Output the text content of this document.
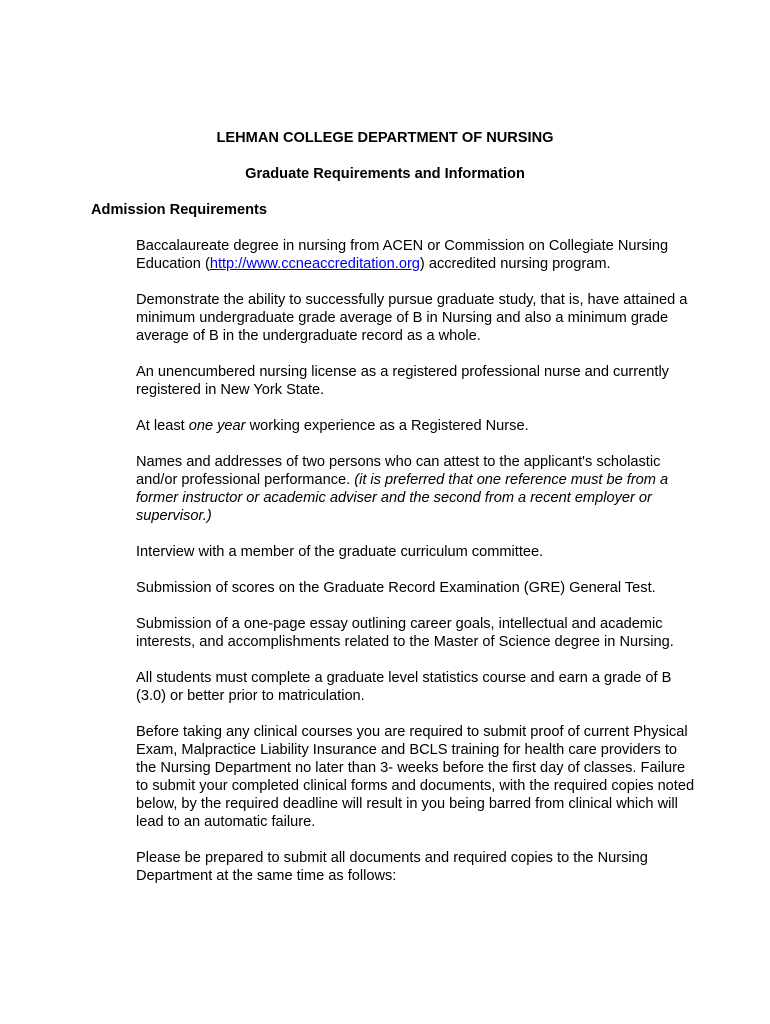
LEHMAN COLLEGE DEPARTMENT OF NURSING
Graduate Requirements and Information
Admission Requirements

Baccalaureate degree in nursing from ACEN or Commission on Collegiate Nursing Education (http://www.ccneaccreditation.org) accredited nursing program.

Demonstrate the ability to successfully pursue graduate study, that is, have attained a minimum undergraduate grade average of B in Nursing and also a minimum grade average of B in the undergraduate record as a whole.

An unencumbered nursing license as a registered professional nurse and currently registered in New York State.

At least one year working experience as a Registered Nurse.

Names and addresses of two persons who can attest to the applicant's scholastic and/or professional performance. (it is preferred that one reference must be from a former instructor or academic adviser and the second from a recent employer or supervisor.)

Interview with a member of the graduate curriculum committee.

Submission of scores on the Graduate Record Examination (GRE) General Test.

Submission of a one-page essay outlining career goals, intellectual and academic interests, and accomplishments related to the Master of Science degree in Nursing.

All students must complete a graduate level statistics course and earn a grade of B (3.0) or better prior to matriculation.

Before taking any clinical courses you are required to submit proof of current Physical Exam, Malpractice Liability Insurance and BCLS training for health care providers to the Nursing Department no later than 3- weeks before the first day of classes. Failure to submit your completed clinical forms and documents, with the required copies noted below, by the required deadline will result in you being barred from clinical which will lead to an automatic failure.

Please be prepared to submit all documents and required copies to the Nursing Department at the same time as follows:
